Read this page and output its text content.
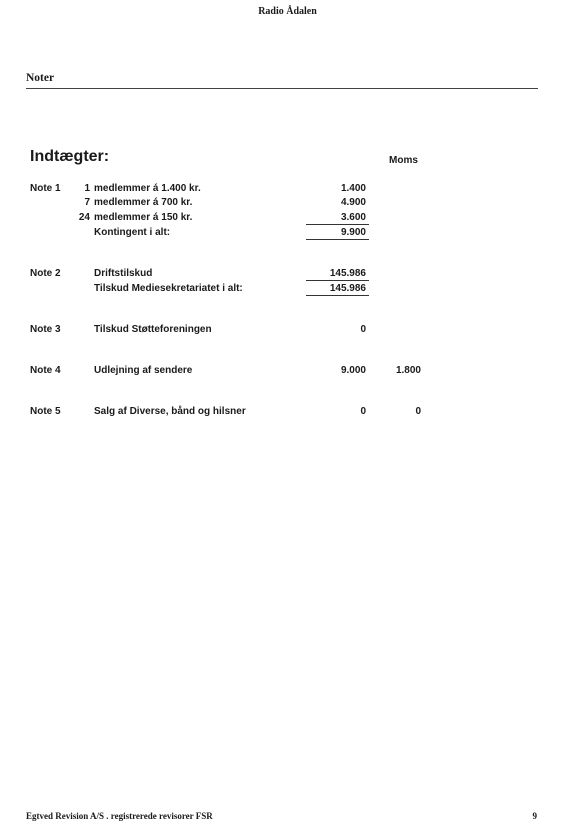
Radio Ådalen
Noter
Indtægter:	Moms
Note 1	1 medlemmer á 1.400 kr.	1.400
7 medlemmer á 700 kr.	4.900
24 medlemmer á 150 kr.	3.600
Kontingent i alt:	9.900
Note 2	Driftstilskud	145.986
Tilskud Mediesekretariatet i alt:	145.986
Note 3	Tilskud Støtteforeningen	0
Note 4	Udlejning af sendere	9.000	1.800
Note 5	Salg af Diverse, bånd og hilsner	0	0
Egtved Revision A/S . registrerede revisorer FSR	9
